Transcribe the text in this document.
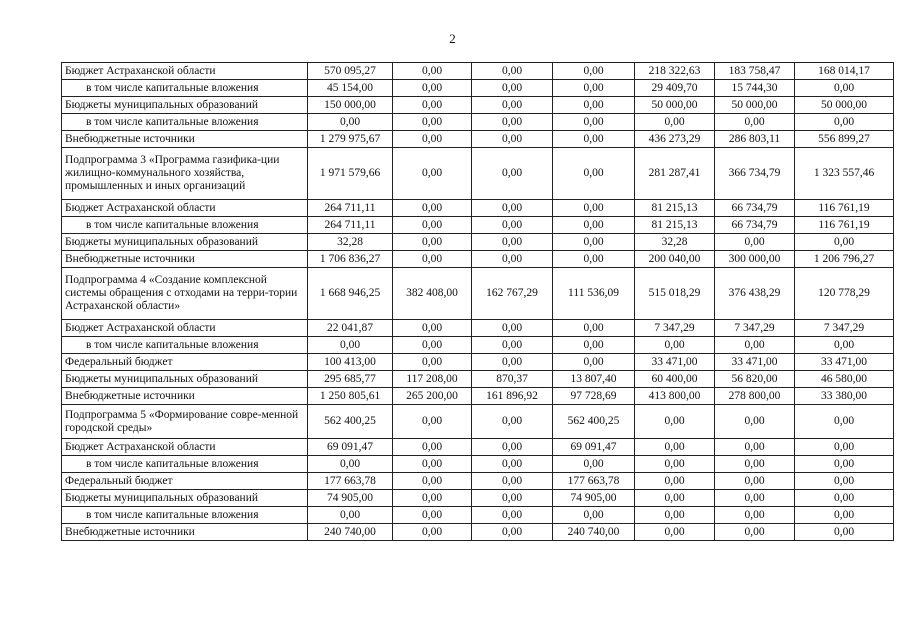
2
Бюджет Астраханской области	570 095,27	0,00	0,00	0,00	218 322,63	183 758,47	168 014,17
в том числе капитальные вложения	45 154,00	0,00	0,00	0,00	29 409,70	15 744,30	0,00
Бюджеты муниципальных образований	150 000,00	0,00	0,00	0,00	50 000,00	50 000,00	50 000,00
в том числе капитальные вложения	0,00	0,00	0,00	0,00	0,00	0,00	0,00
Внебюджетные источники	1 279 975,67	0,00	0,00	0,00	436 273,29	286 803,11	556 899,27
Подпрограмма 3 «Программа газифика-ции жилищно-коммунального хозяйства, промышленных и иных организаций	1 971 579,66	0,00	0,00	0,00	281 287,41	366 734,79	1 323 557,46
Бюджет Астраханской области	264 711,11	0,00	0,00	0,00	81 215,13	66 734,79	116 761,19
в том числе капитальные вложения	264 711,11	0,00	0,00	0,00	81 215,13	66 734,79	116 761,19
Бюджеты муниципальных образований	32,28	0,00	0,00	0,00	32,28	0,00	0,00
Внебюджетные источники	1 706 836,27	0,00	0,00	0,00	200 040,00	300 000,00	1 206 796,27
Подпрограмма 4 «Создание комплексной системы обращения с отходами на терри-тории Астраханской области»	1 668 946,25	382 408,00	162 767,29	111 536,09	515 018,29	376 438,29	120 778,29
Бюджет Астраханской области	22 041,87	0,00	0,00	0,00	7 347,29	7 347,29	7 347,29
в том числе капитальные вложения	0,00	0,00	0,00	0,00	0,00	0,00	0,00
Федеральный бюджет	100 413,00	0,00	0,00	0,00	33 471,00	33 471,00	33 471,00
Бюджеты муниципальных образований	295 685,77	117 208,00	870,37	13 807,40	60 400,00	56 820,00	46 580,00
Внебюджетные источники	1 250 805,61	265 200,00	161 896,92	97 728,69	413 800,00	278 800,00	33 380,00
Подпрограмма 5 «Формирование совре-менной городской среды»	562 400,25	0,00	0,00	562 400,25	0,00	0,00	0,00
Бюджет Астраханской области	69 091,47	0,00	0,00	69 091,47	0,00	0,00	0,00
в том числе капитальные вложения	0,00	0,00	0,00	0,00	0,00	0,00	0,00
Федеральный бюджет	177 663,78	0,00	0,00	177 663,78	0,00	0,00	0,00
Бюджеты муниципальных образований	74 905,00	0,00	0,00	74 905,00	0,00	0,00	0,00
в том числе капитальные вложения	0,00	0,00	0,00	0,00	0,00	0,00	0,00
Внебюджетные источники	240 740,00	0,00	0,00	240 740,00	0,00	0,00	0,00
